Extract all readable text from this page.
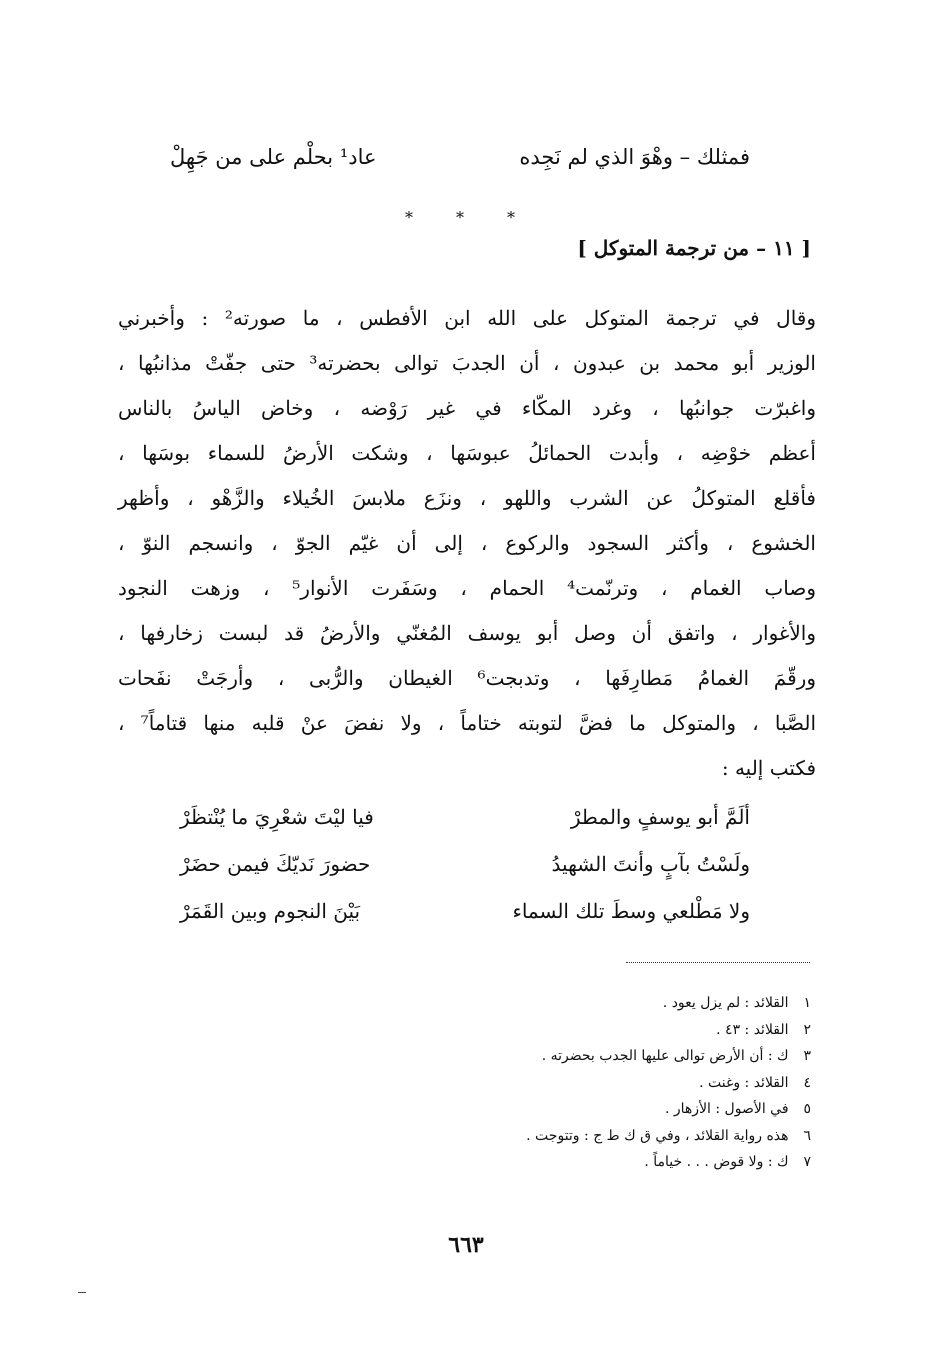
فمثلك – وهْوَ الذي لم نَجِده
عاد¹ بحلْم على من جَهِلْ
*	*	*
[ ١١ – من ترجمة المتوكل ]
وقال في ترجمة المتوكل على الله ابن الأفطس ، ما صورته² : وأخبرني
الوزير أبو محمد بن عبدون ، أن الجدبَ توالى بحضرته³ حتى جفّتْ مذانبُها ،
واغبرّت جوانبُها ، وغرد المكّاء في غير رَوْضه ، وخاض الياسُ بالناس
أعظم خوْضِه ، وأبدت الحمائلُ عبوسَها ، وشكت الأرضُ للسماء بوسَها ،
فأقلع المتوكلُ عن الشرب واللهو ، ونزَع ملابسَ الخُيلاء والزَّهْو ، وأظهر
الخشوع ، وأكثر السجود والركوع ، إلى أن غيّم الجوّ ، وانسجم النوّ ،
وصاب الغمام ، وترنّمت⁴ الحمام ، وسَفَرت الأنوار⁵ ، وزهت النجود
والأغوار ، واتفق أن وصل أبو يوسف المُغنّي والأرضُ قد لبست زخارفها ،
ورقّمَ الغمامُ مَطارِفَها ، وتدبجت⁶ الغيطان والرُّبى ، وأرجَتْ نفَحات
الصَّبا ، والمتوكل ما فضَّ لتوبته ختاماً ، ولا نفضَ عنْ قلبه منها قتاماً⁷ ،
فكتب إليه :
ألَمَّ أبو يوسفٍ والمطرْ
فيا ليْتَ شعْرِيَ ما يُنْتظَرْ
ولَسْتُ بآبٍ وأنتَ الشهيدُ
حضورَ نَديّكَ فيمن حضَرْ
ولا مَطْلعي وسطَ تلك السماء
بَيْنَ النجوم وبين القَمَرْ
١ القلائد : لم يزل يعود .
٢ القلائد : ٤٣ .
٣ ك : أن الأرض توالى عليها الجدب بحضرته .
٤ القلائد : وغنت .
٥ في الأصول : الأزهار .
٦ هذه رواية القلائد ، وفي ق ك ط ج : وتتوجت .
٧ ك : ولا قوض . . . خياماً .
٦٦٣
